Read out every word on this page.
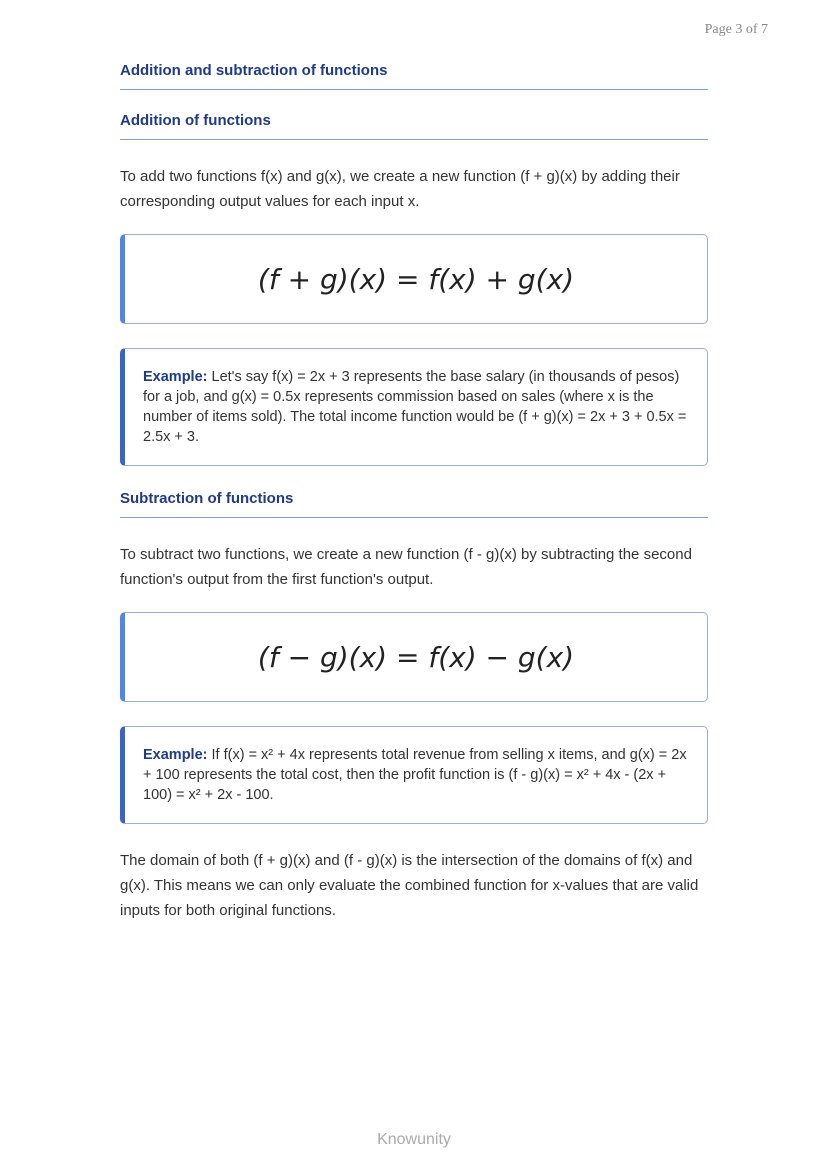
Page 3 of 7
Addition and subtraction of functions
Addition of functions

To add two functions f(x) and g(x), we create a new function (f + g)(x) by adding their corresponding output values for each input x.

(f + g)(x) = f(x) + g(x)
Example: Let's say f(x) = 2x + 3 represents the base salary (in thousands of pesos) for a job, and g(x) = 0.5x represents commission based on sales (where x is the number of items sold). The total income function would be (f + g)(x) = 2x + 3 + 0.5x = 2.5x + 3.
Subtraction of functions

To subtract two functions, we create a new function (f - g)(x) by subtracting the second function's output from the first function's output.

(f − g)(x) = f(x) − g(x)
Example: If f(x) = x² + 4x represents total revenue from selling x items, and g(x) = 2x + 100 represents the total cost, then the profit function is (f - g)(x) = x² + 4x - (2x + 100) = x² + 2x - 100.

The domain of both (f + g)(x) and (f - g)(x) is the intersection of the domains of f(x) and g(x). This means we can only evaluate the combined function for x-values that are valid inputs for both original functions.

Knowunity
